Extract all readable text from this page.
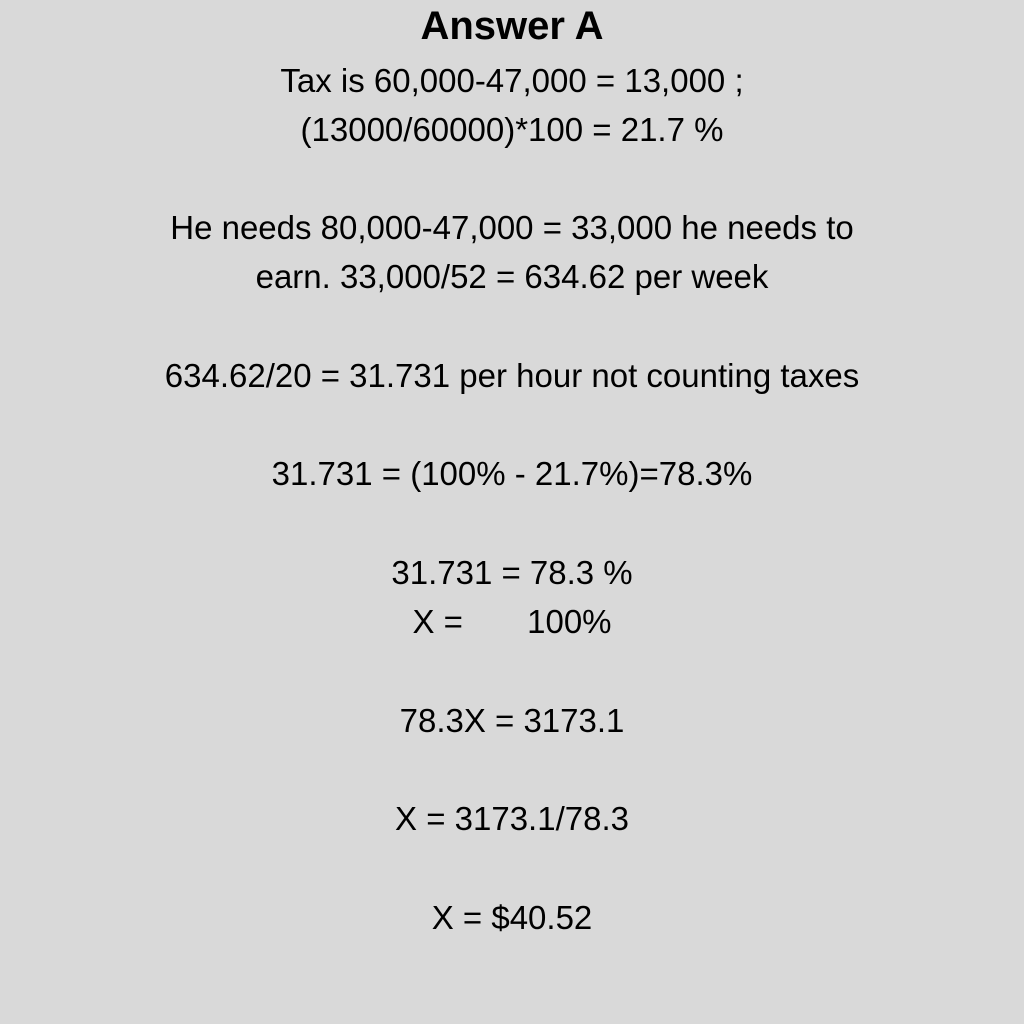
Answer A
Tax is 60,000-47,000 = 13,000 ;
(13000/60000)*100 = 21.7 %
He needs 80,000-47,000 = 33,000 he needs to
earn. 33,000/52 = 634.62 per week
634.62/20 = 31.731 per hour not counting taxes
31.731 = (100% - 21.7%)=78.3%
31.731 = 78.3 %
X =       100%
78.3X = 3173.1
X = 3173.1/78.3
X = $40.52
